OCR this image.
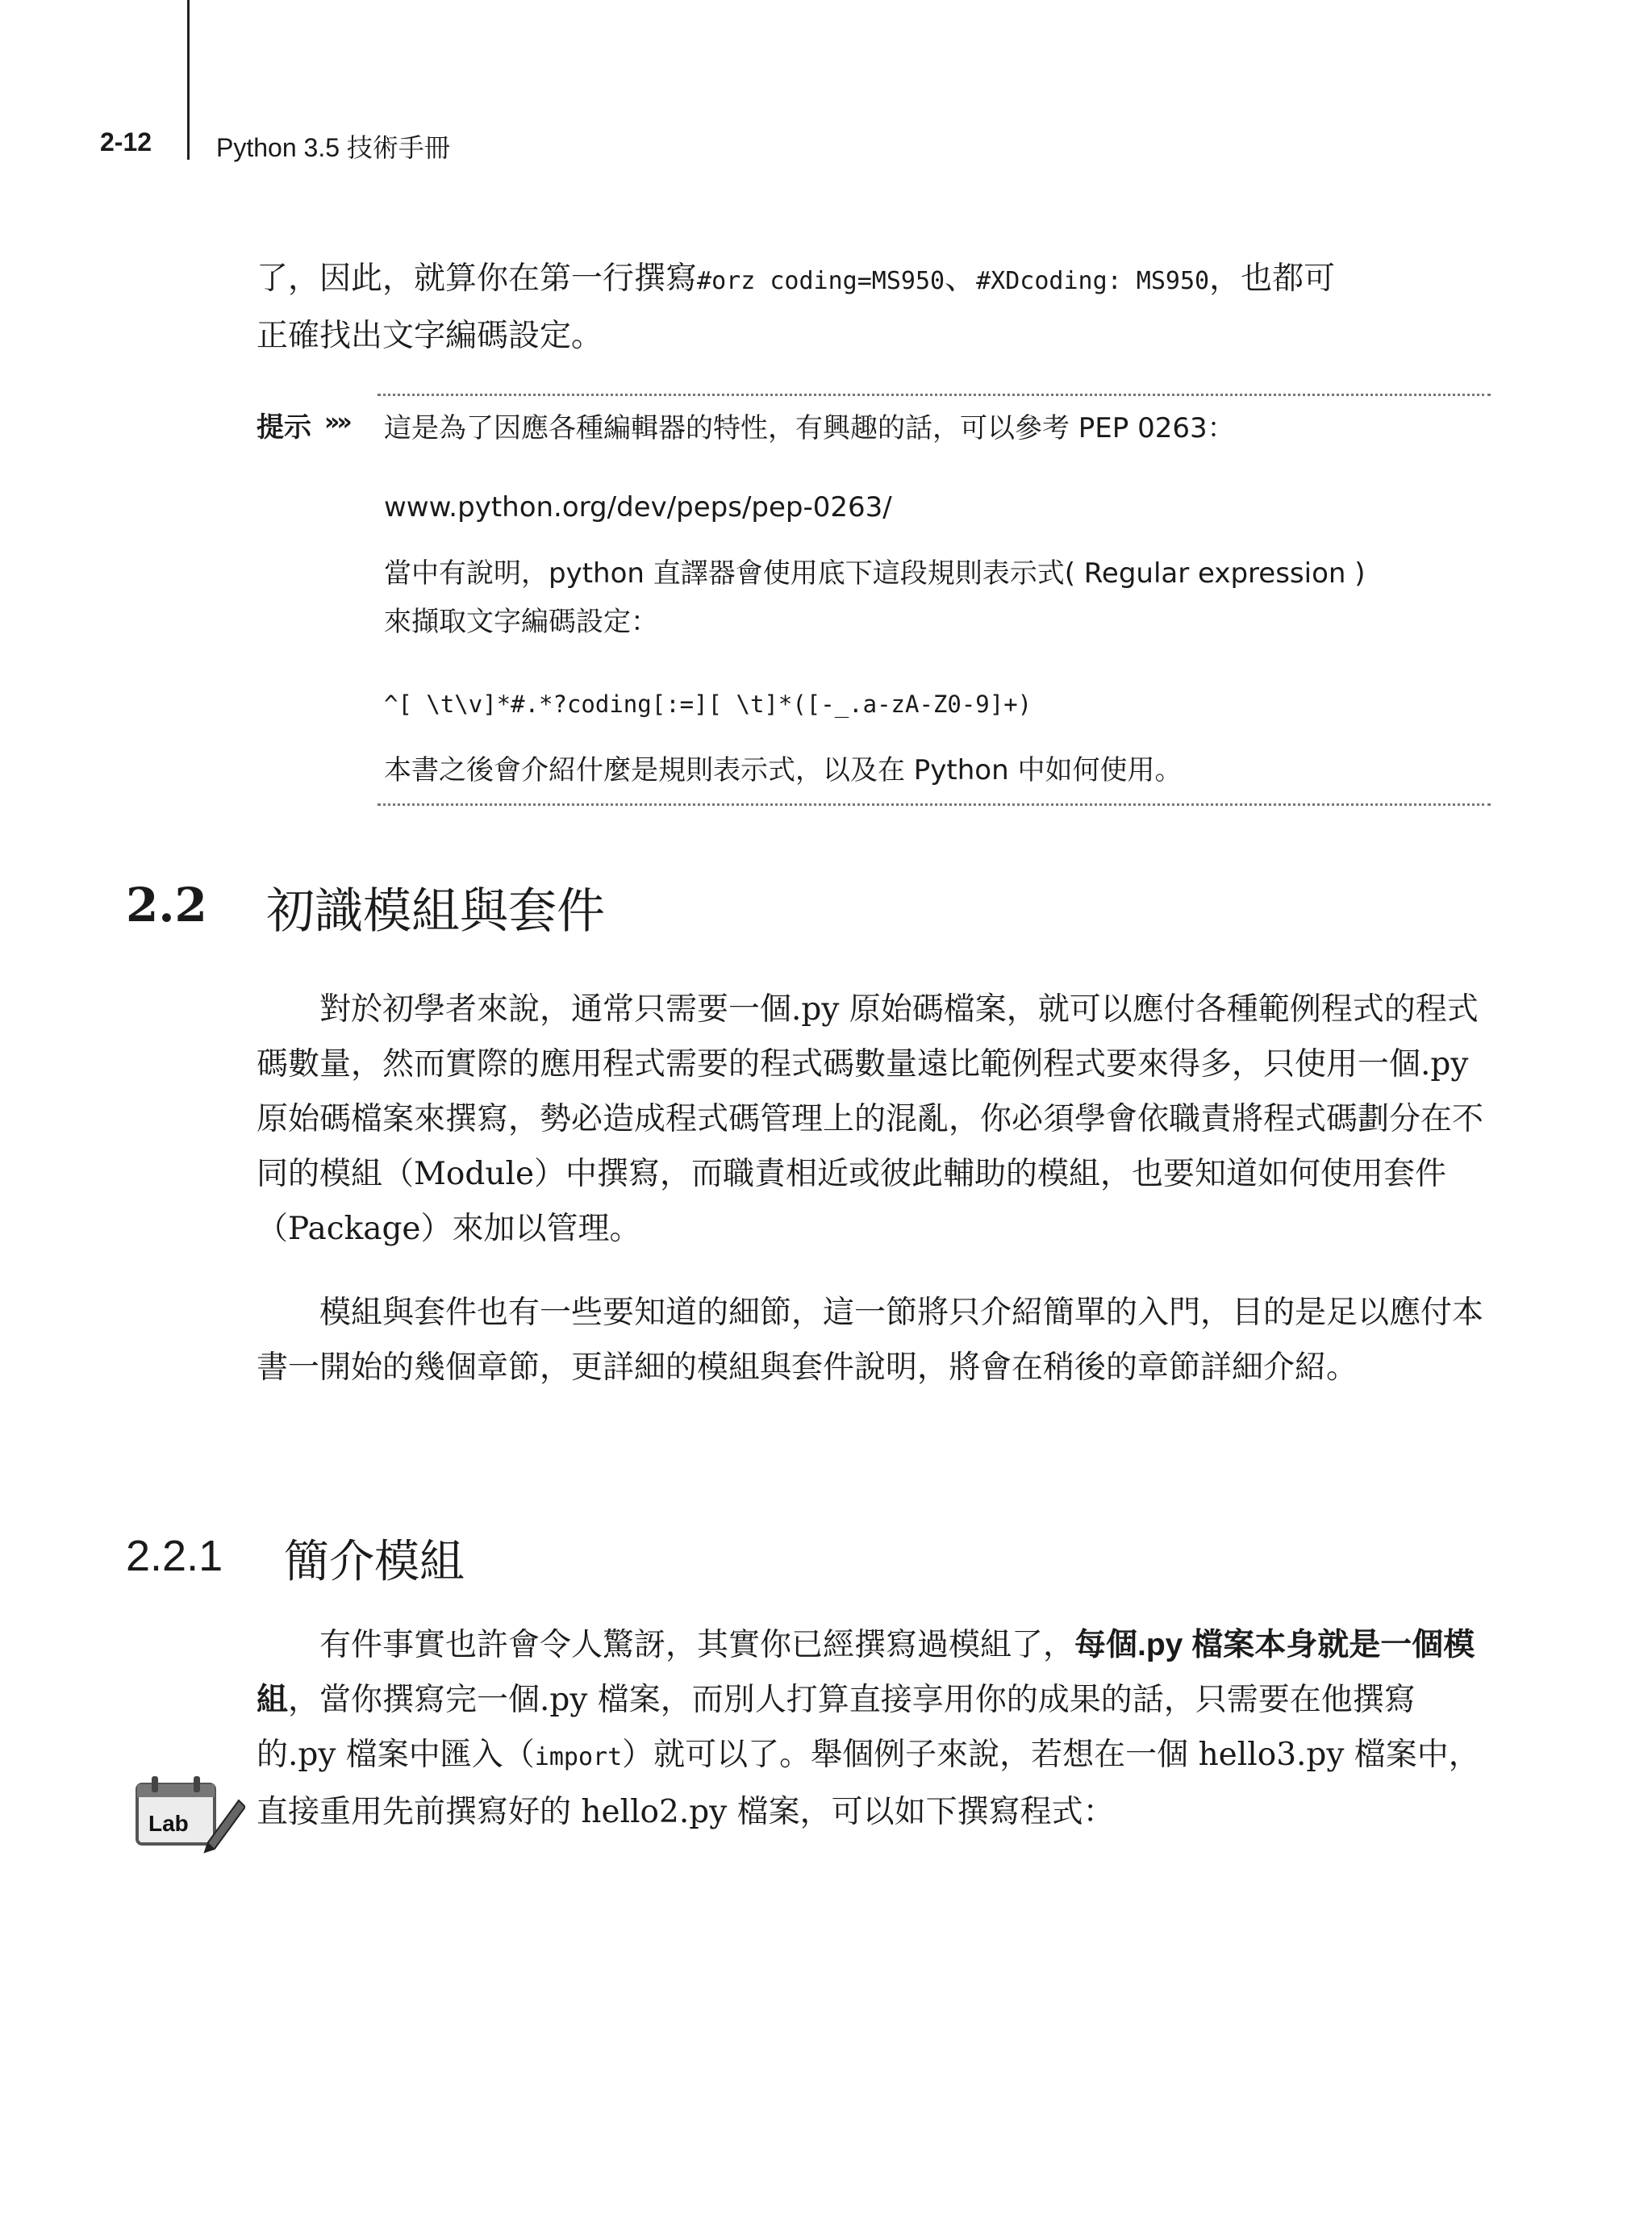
2-12 Python 3.5 技術手冊
了，因此，就算你在第一行撰寫#orz coding=MS950、#XDcoding: MS950，也都可
正確找出文字編碼設定。
提示 »» 這是為了因應各種編輯器的特性，有興趣的話，可以參考 PEP 0263：
www.python.org/dev/peps/pep-0263/
當中有說明，python 直譯器會使用底下這段規則表示式( Regular expression )
來擷取文字編碼設定：
^[ \t\v]*#.*?coding[:=][ \t]*([-_.a-zA-Z0-9]+)
本書之後會介紹什麼是規則表示式，以及在 Python 中如何使用。
2.2 初識模組與套件
對於初學者來說，通常只需要一個.py 原始碼檔案，就可以應付各種範例程式的程式碼數量，然而實際的應用程式需要的程式碼數量遠比範例程式要來得多，只使用一個.py 原始碼檔案來撰寫，勢必造成程式碼管理上的混亂，你必須學會依職責將程式碼劃分在不同的模組（Module）中撰寫，而職責相近或彼此輔助的模組，也要知道如何使用套件（Package）來加以管理。
模組與套件也有一些要知道的細節，這一節將只介紹簡單的入門，目的是足以應付本書一開始的幾個章節，更詳細的模組與套件說明，將會在稍後的章節詳細介紹。
2.2.1 簡介模組
有件事實也許會令人驚訝，其實你已經撰寫過模組了，每個.py 檔案本身就是一個模組，當你撰寫完一個.py 檔案，而別人打算直接享用你的成果的話，只需要在他撰寫的.py 檔案中匯入（import）就可以了。舉個例子來說，若想在一個 hello3.py 檔案中，直接重用先前撰寫好的 hello2.py 檔案，可以如下撰寫程式：
Lab
